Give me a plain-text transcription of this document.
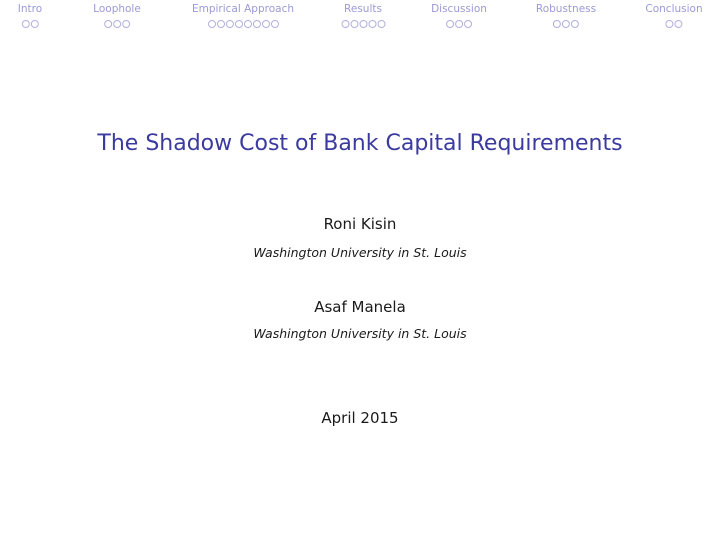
Intro	Loophole	Empirical Approach	Results	Discussion	Robustness	Conclusion
The Shadow Cost of Bank Capital Requirements
Roni Kisin
Washington University in St. Louis
Asaf Manela
Washington University in St. Louis
April 2015
